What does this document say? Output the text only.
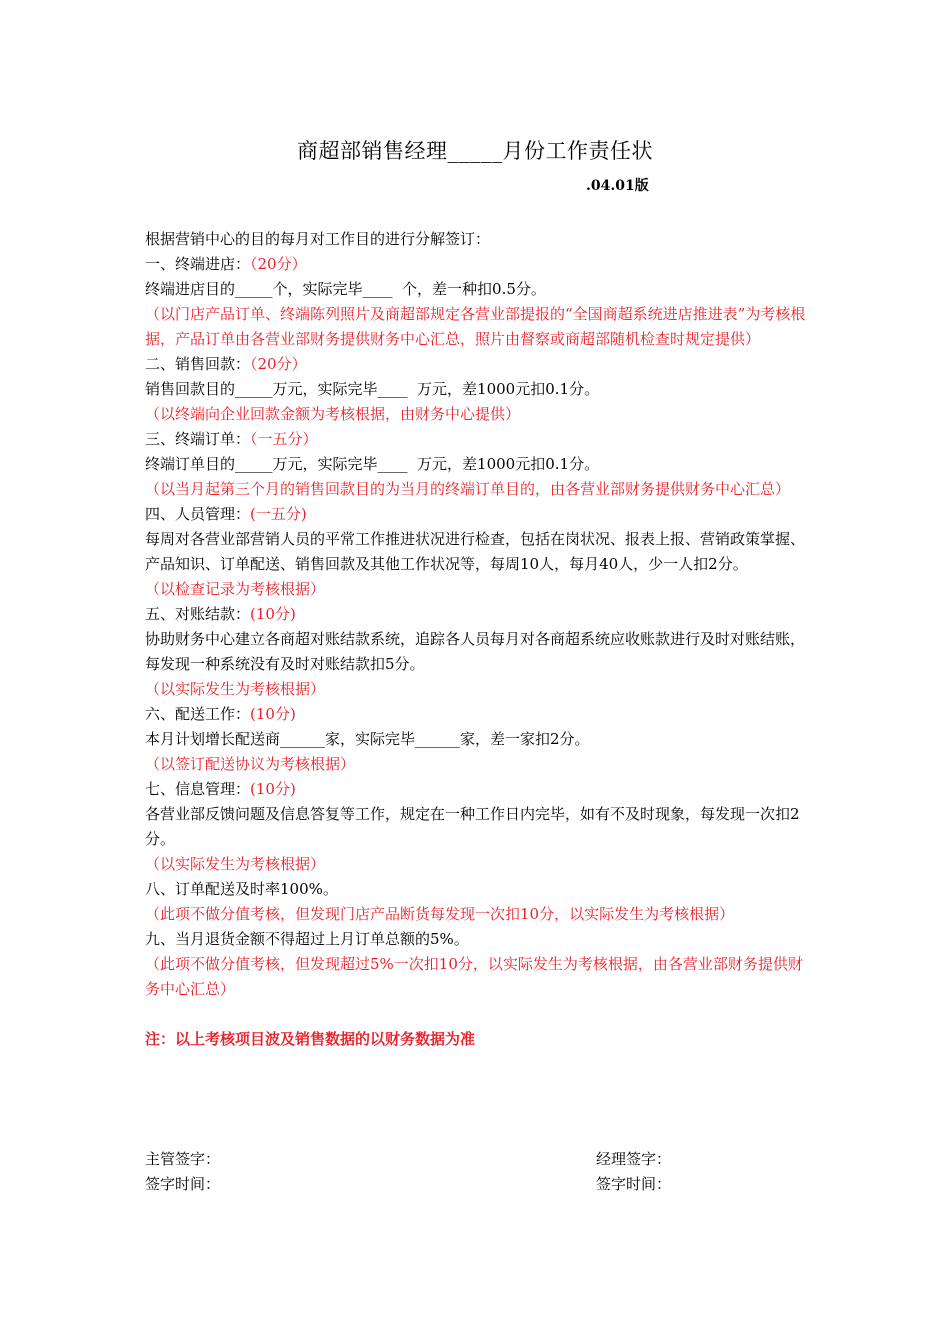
商超部销售经理_____月份工作责任状
.04.01版

根据营销中心的目的每月对工作目的进行分解签订：

一、终端进店：（20分）

终端进店目的_____个，实际完毕____  个，差一种扣0.5分。

（以门店产品订单、终端陈列照片及商超部规定各营业部提报的“全国商超系统进店推进表”为考核根据，产品订单由各营业部财务提供财务中心汇总，照片由督察或商超部随机检查时规定提供）

二、销售回款：（20分）

销售回款目的_____万元，实际完毕____  万元，差1000元扣0.1分。

（以终端向企业回款金额为考核根据，由财务中心提供）

三、终端订单：（一五分）

终端订单目的_____万元，实际完毕____  万元，差1000元扣0.1分。

（以当月起第三个月的销售回款目的为当月的终端订单目的，由各营业部财务提供财务中心汇总）

四、人员管理：(一五分)

每周对各营业部营销人员的平常工作推进状况进行检查，包括在岗状况、报表上报、营销政策掌握、产品知识、订单配送、销售回款及其他工作状况等，每周10人，每月40人，少一人扣2分。

（以检查记录为考核根据）

五、对账结款：(10分)

协助财务中心建立各商超对账结款系统，追踪各人员每月对各商超系统应收账款进行及时对账结账，每发现一种系统没有及时对账结款扣5分。

（以实际发生为考核根据）

六、配送工作：(10分)

本月计划增长配送商______家，实际完毕______家，差一家扣2分。

（以签订配送协议为考核根据）

七、信息管理：(10分)

各营业部反馈问题及信息答复等工作，规定在一种工作日内完毕，如有不及时现象，每发现一次扣2分。

（以实际发生为考核根据）

八、订单配送及时率100%。

（此项不做分值考核，但发现门店产品断货每发现一次扣10分，以实际发生为考核根据）

九、当月退货金额不得超过上月订单总额的5%。

（此项不做分值考核，但发现超过5%一次扣10分，以实际发生为考核根据，由各营业部财务提供财务中心汇总）

注：以上考核项目波及销售数据的以财务数据为准

主管签字：	经理签字：
签字时间：	签字时间：
